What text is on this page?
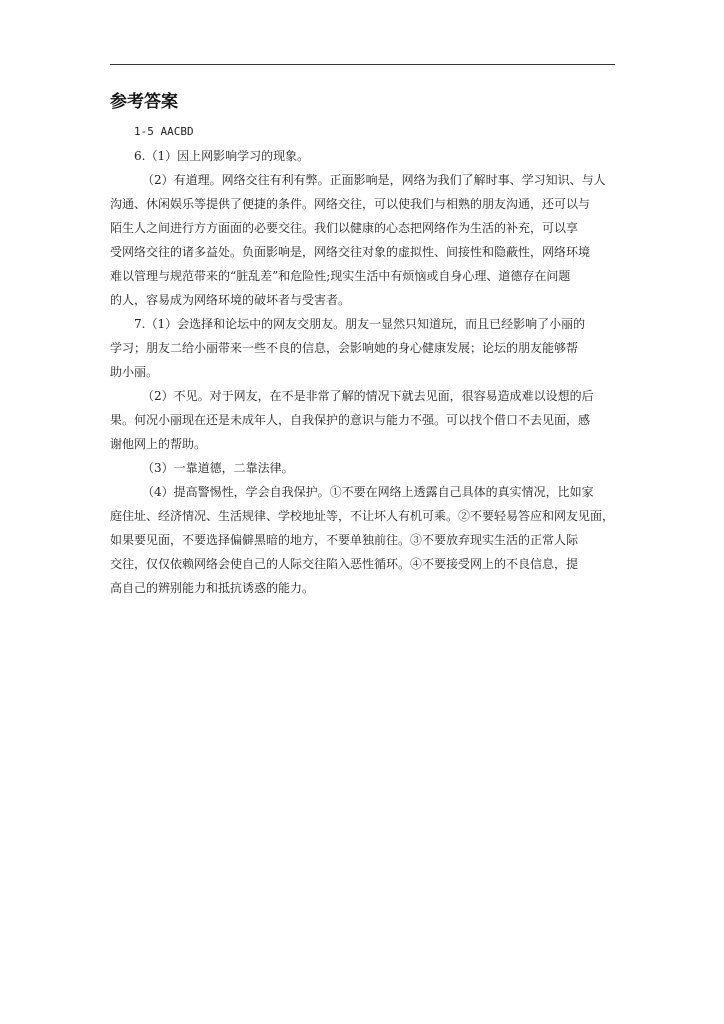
参考答案

1-5 AACBD

6.（1）因上网影响学习的现象。

（2）有道理。网络交往有利有弊。正面影响是，网络为我们了解时事、学习知识、与人

沟通、休闲娱乐等提供了便捷的条件。网络交往，可以使我们与相熟的朋友沟通，还可以与

陌生人之间进行方方面面的必要交往。我们以健康的心态把网络作为生活的补充，可以享

受网络交往的诸多益处。负面影响是，网络交往对象的虚拟性、间接性和隐蔽性，网络环境

难以管理与规范带来的“脏乱差”和危险性;现实生活中有烦恼或自身心理、道德存在问题

的人，容易成为网络环境的破坏者与受害者。

7.（1）会选择和论坛中的网友交朋友。朋友一显然只知道玩，而且已经影响了小丽的

学习；朋友二给小丽带来一些不良的信息，会影响她的身心健康发展；论坛的朋友能够帮

助小丽。

（2）不见。对于网友，在不是非常了解的情况下就去见面，很容易造成难以设想的后

果。何况小丽现在还是未成年人，自我保护的意识与能力不强。可以找个借口不去见面，感

谢他网上的帮助。

（3）一靠道德，二靠法律。

（4）提高警惕性，学会自我保护。①不要在网络上透露自己具体的真实情况，比如家

庭住址、经济情况、生活规律、学校地址等，不让坏人有机可乘。②不要轻易答应和网友见面，

如果要见面，不要选择偏僻黑暗的地方，不要单独前往。③不要放弃现实生活的正常人际

交往，仅仅依赖网络会使自己的人际交往陷入恶性循环。④不要接受网上的不良信息，提

高自己的辨别能力和抵抗诱惑的能力。
